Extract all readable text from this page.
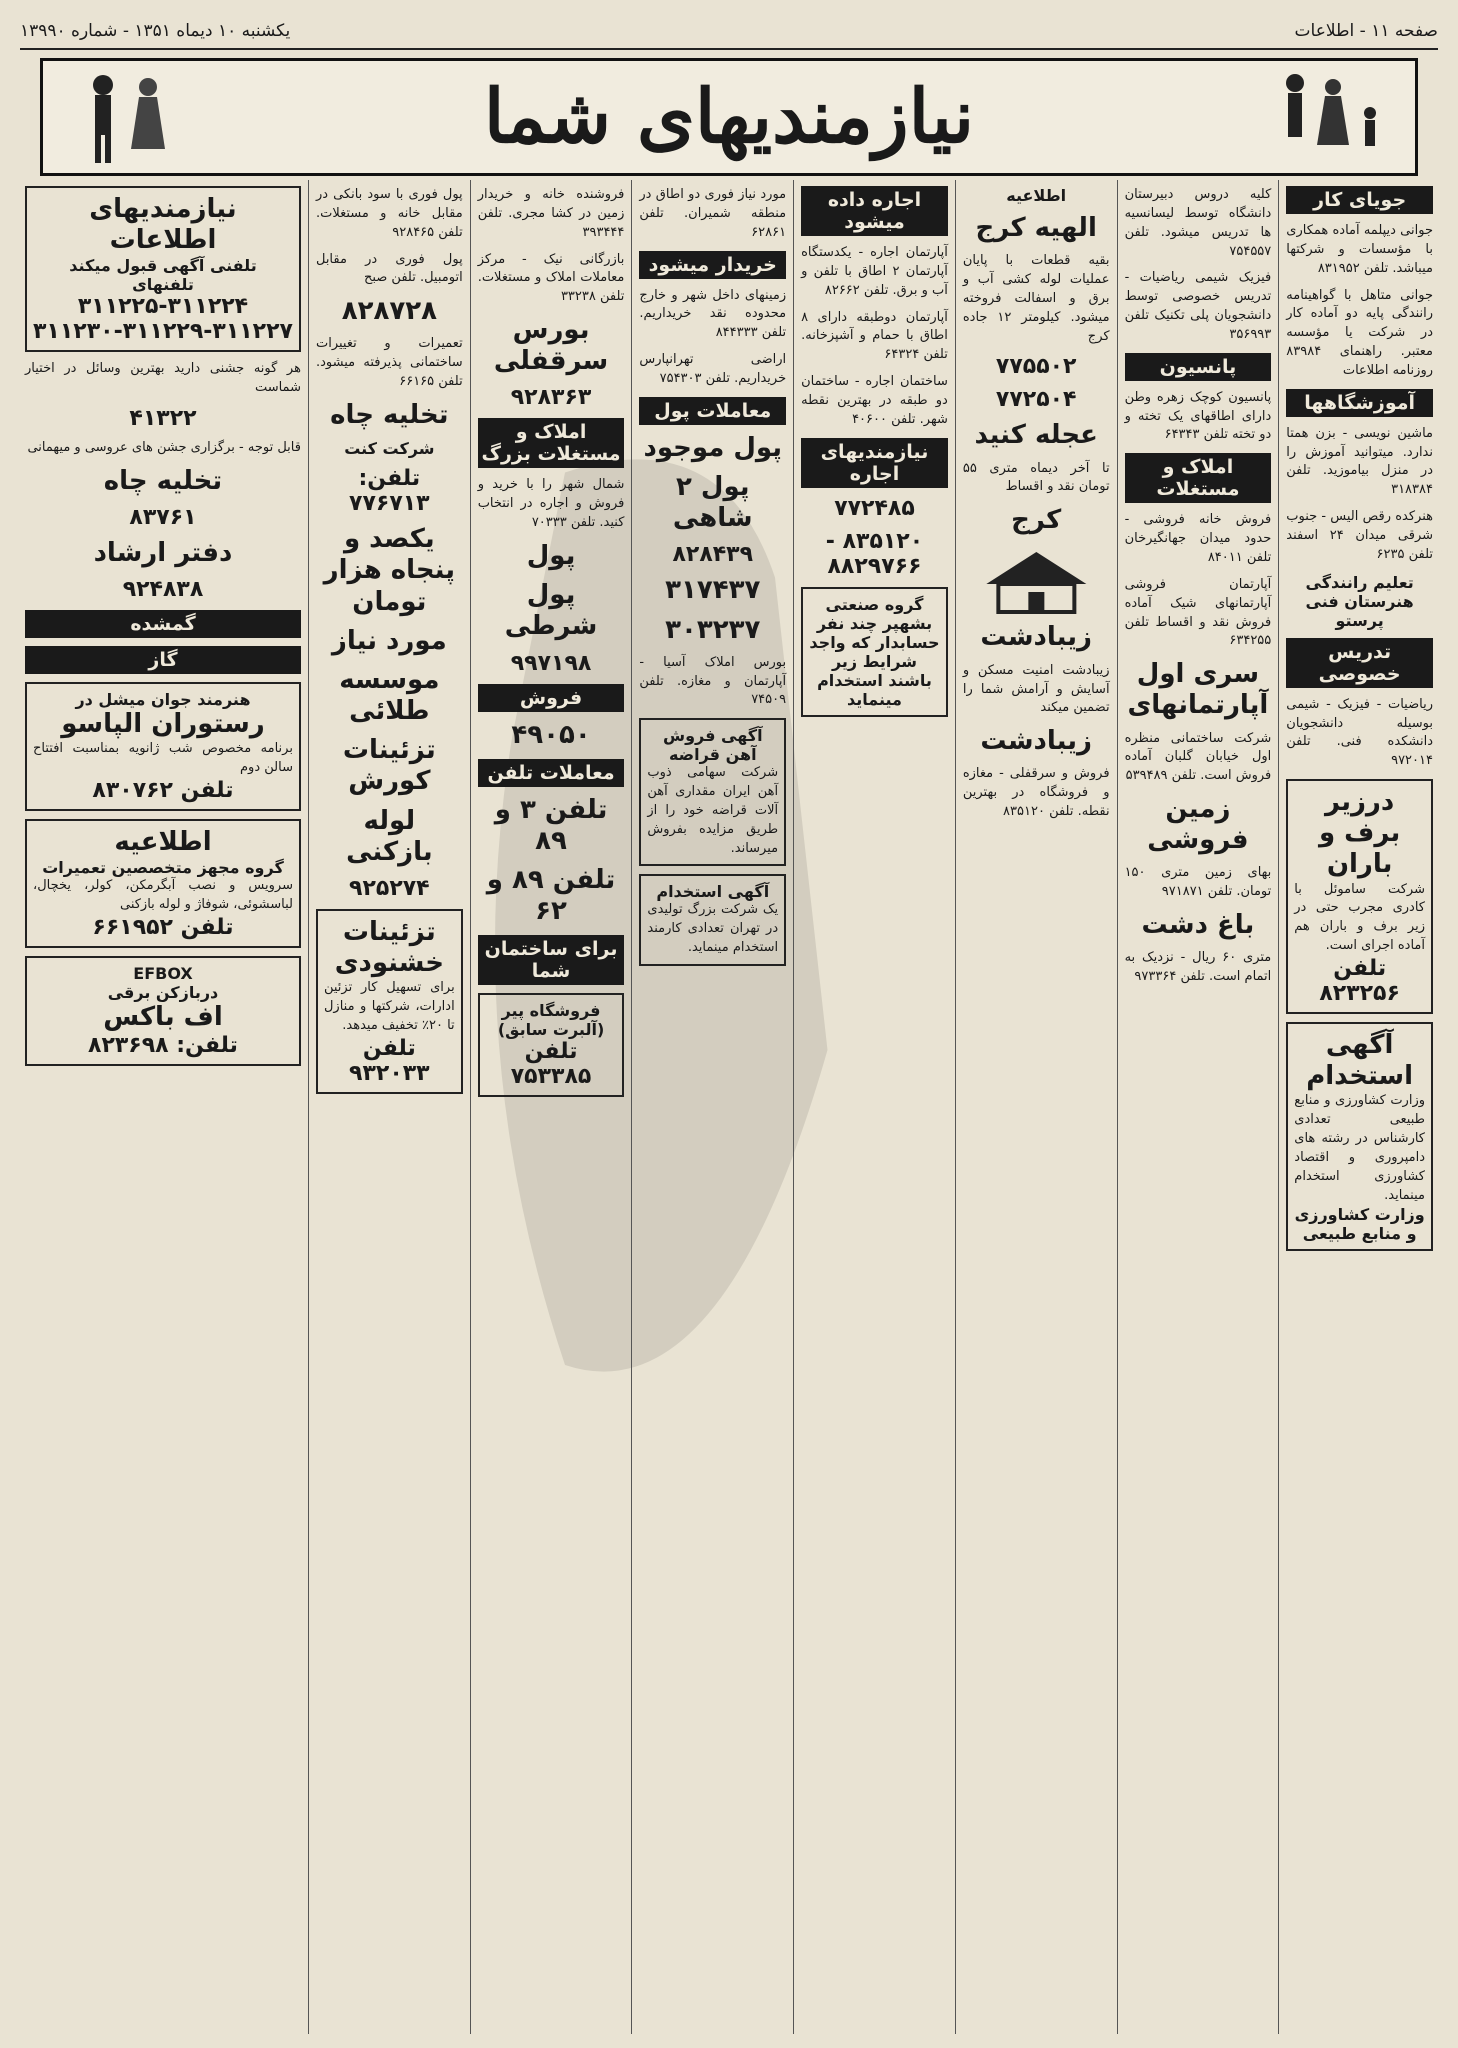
صفحه ۱۱ - اطلاعات
یکشنبه ۱۰ دیماه ۱۳۵۱ - شماره ۱۳۹۹۰
نیازمندیهای شما
جویای کار
جوانی دیپلمه آماده همکاری با مؤسسات و شرکتها میباشد. تلفن ۸۳۱۹۵۲
جوانی متاهل با گواهینامه رانندگی پایه دو آماده کار در شرکت یا مؤسسه معتبر. راهنمای ۸۳۹۸۴ روزنامه اطلاعات
آموزشگاهها
ماشین نویسی - بزن همتا ندارد. میتوانید آموزش را در منزل بیاموزید. تلفن ۳۱۸۳۸۴
هنرکده رقص الیس - جنوب شرقی میدان ۲۴ اسفند تلفن ۶۲۳۵
تعلیم رانندگی هنرستان فنی پرستو
تدریس خصوصی
ریاضیات - فیزیک - شیمی بوسیله دانشجویان دانشکده فنی. تلفن ۹۷۲۰۱۴
درزیر برف و باران
شرکت ساموئل با کادری مجرب حتی در زیر برف و باران هم آماده اجرای است.
تلفن ۸۲۳۲۵۶
آگهی استخدام
وزارت کشاورزی و منابع طبیعی تعدادی کارشناس در رشته های دامپروری و اقتصاد کشاورزی استخدام مینماید.
وزارت کشاورزی و منابع طبیعی
کلیه دروس دبیرستان دانشگاه توسط لیسانسیه ها تدریس میشود. تلفن ۷۵۴۵۵۷
فیزیک شیمی ریاضیات - تدریس خصوصی توسط دانشجویان پلی تکنیک تلفن ۳۵۶۹۹۳
پانسیون
پانسیون کوچک زهره وطن دارای اطاقهای یک تخته و دو تخته تلفن ۶۴۳۴۳
املاک و مستغلات
فروش خانه فروشی - حدود میدان جهانگیرخان تلفن ۸۴۰۱۱
آپارتمان فروشی آپارتمانهای شیک آماده فروش نقد و اقساط تلفن ۶۳۴۲۵۵
سری اول آپارتمانهای
شرکت ساختمانی منظره اول خیابان گلبان آماده فروش است. تلفن ۵۳۹۴۸۹
زمین فروشی
بهای زمین متری ۱۵۰ تومان. تلفن ۹۷۱۸۷۱
باغ دشت
متری ۶۰ ریال - نزدیک به اتمام است. تلفن ۹۷۳۳۶۴
اطلاعیه
الهیه کرج
بقیه قطعات با پایان عملیات لوله کشی آب و برق و اسفالت فروخته میشود. کیلومتر ۱۲ جاده کرج
۷۷۵۵۰۲
۷۷۲۵۰۴
عجله کنید
تا آخر دیماه متری ۵۵ تومان نقد و اقساط
کرج
زیبادشت
زیبادشت امنیت مسکن و آسایش و آرامش شما را تضمین میکند
زیبادشت
فروش و سرقفلی - مغازه و فروشگاه در بهترین نقطه. تلفن ۸۳۵۱۲۰
اجاره داده میشود
آپارتمان اجاره - یکدستگاه آپارتمان ۲ اطاق با تلفن و آب و برق. تلفن ۸۲۶۶۲
آپارتمان دوطبقه دارای ۸ اطاق با حمام و آشپزخانه. تلفن ۶۴۳۲۴
ساختمان اجاره - ساختمان دو طبقه در بهترین نقطه شهر. تلفن ۴۰۶۰۰
نیازمندیهای اجاره
۷۷۲۴۸۵
۸۳۵۱۲۰ - ۸۸۲۹۷۶۶
گروه صنعتی بشهپر چند نفر حسابدار که واجد شرایط زیر باشند استخدام مینماید
مورد نیاز فوری دو اطاق در منطقه شمیران. تلفن ۶۲۸۶۱
خریدار میشود
زمینهای داخل شهر و خارج محدوده نقد خریداریم. تلفن ۸۴۴۳۳۳
اراضی تهرانپارس خریداریم. تلفن ۷۵۴۳۰۳
معاملات پول
پول موجود
پول ۲ شاهی
۸۲۸۴۳۹
۳۱۷۴۳۷
۳۰۳۲۳۷
بورس املاک آسیا - آپارتمان و مغازه. تلفن ۷۴۵۰۹
آگهی فروش آهن قراضه
شرکت سهامی ذوب آهن ایران مقداری آهن آلات قراضه خود را از طریق مزایده بفروش میرساند.
آگهی استخدام
یک شرکت بزرگ تولیدی در تهران تعدادی کارمند استخدام مینماید.
فروشنده خانه و خریدار زمین در کشا مجری. تلفن ۳۹۳۴۴۴
بازرگانی نیک - مرکز معاملات املاک و مستغلات. تلفن ۳۳۲۳۸
بورس سرقفلی
۹۲۸۳۶۳
املاک و مستغلات بزرگ
شمال شهر را با خرید و فروش و اجاره در انتخاب کنید. تلفن ۷۰۳۳۳
پول
پول شرطی
۹۹۷۱۹۸
فروش
۴۹۰۵۰
معاملات تلفن
تلفن ۳ و ۸۹
تلفن ۸۹ و ۶۲
برای ساختمان شما
فروشگاه پیر (آلبرت سابق)
تلفن ۷۵۳۳۸۵
پول فوری با سود بانکی در مقابل خانه و مستغلات. تلفن ۹۲۸۴۶۵
پول فوری در مقابل اتومبیل. تلفن صبح
۸۲۸۷۲۸
تعمیرات و تغییرات ساختمانی پذیرفته میشود. تلفن ۶۶۱۶۵
تخلیه چاه
شرکت کنت
تلفن: ۷۷۶۷۱۳
یکصد و پنجاه هزار تومان
مورد نیاز
موسسه طلائی
تزئینات کورش
لوله بازکنی
۹۲۵۲۷۴
تزئینات خشنودی
برای تسهیل کار تزئین ادارات، شرکتها و منازل تا ۲۰٪ تخفیف میدهد.
تلفن ۹۳۲۰۳۳
نیازمندیهای اطلاعات
تلفنی آگهی قبول میکند
تلفنهای
۳۱۱۲۲۵-۳۱۱۲۲۴
۳۱۱۲۳۰-۳۱۱۲۲۹-۳۱۱۲۲۷
هر گونه جشنی دارید بهترین وسائل در اختیار شماست
۴۱۳۲۲
قابل توجه - برگزاری جشن های عروسی و میهمانی
تخلیه چاه
۸۳۷۶۱
دفتر ارشاد
۹۲۴۸۳۸
گمشده
گاز
هنرمند جوان میشل در
رستوران الپاسو
برنامه مخصوص شب ژانویه بمناسبت افتتاح سالن دوم
تلفن ۸۳۰۷۶۲
اطلاعیه
گروه مجهز متخصصین تعمیرات
سرویس و نصب آبگرمکن، کولر، یخچال، لباسشوئی، شوفاژ و لوله بازکنی
تلفن ۶۶۱۹۵۲
EFBOX
دربازکن برقی
اف باکس
تلفن: ۸۲۳۶۹۸
